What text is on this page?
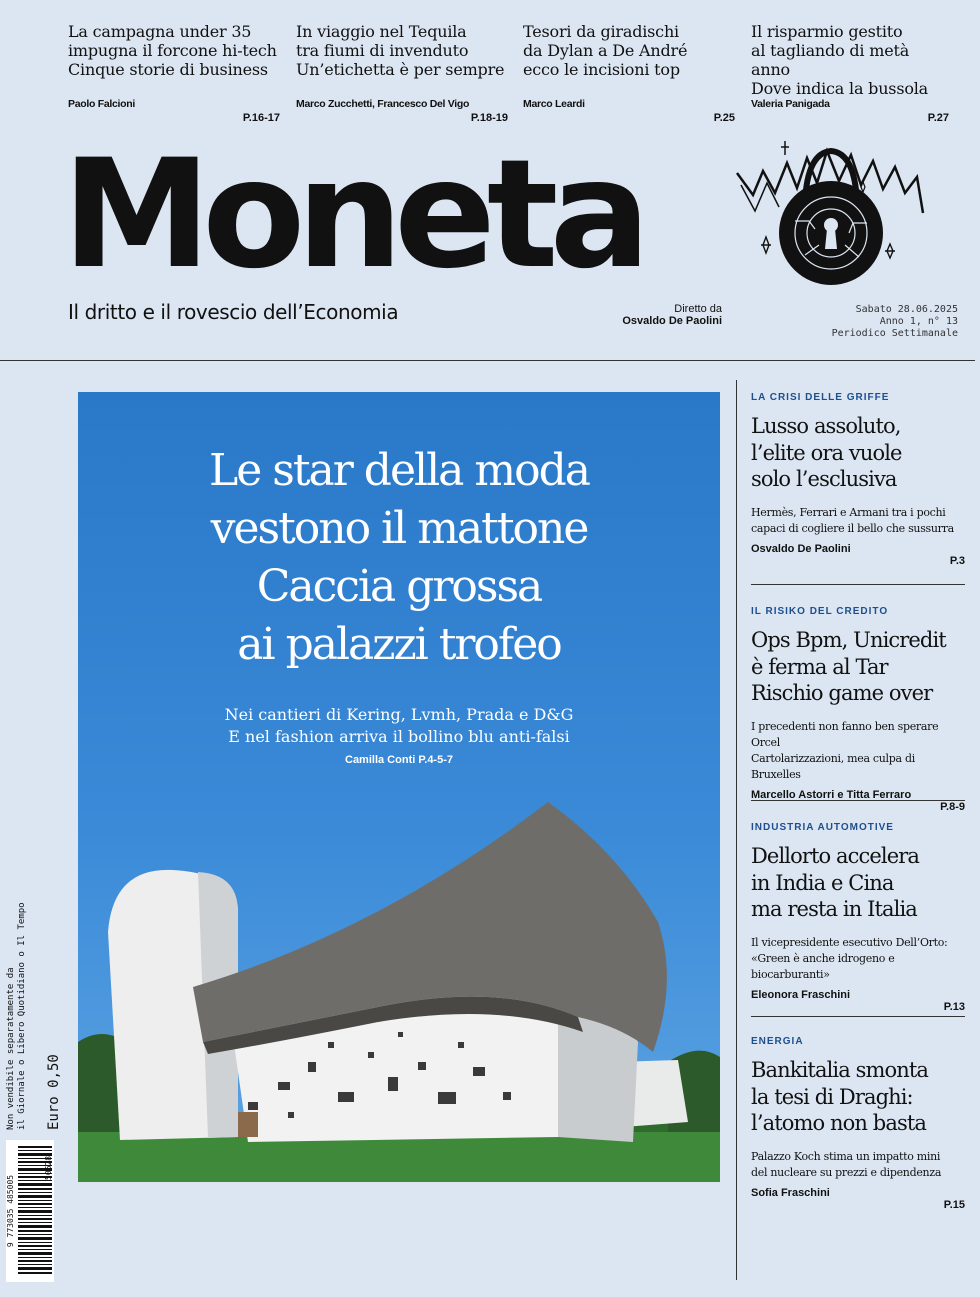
La campagna under 35
impugna il forcone hi-tech
Cinque storie di business
Paolo Falcioni
P.16-17
In viaggio nel Tequila
tra fiumi di invenduto
Un’etichetta è per sempre
Marco Zucchetti, Francesco Del Vigo
P.18-19
Tesori da giradischi
da Dylan a De André
ecco le incisioni top
Marco Leardi
P.25
Il risparmio gestito
al tagliando di metà anno
Dove indica la bussola
Valeria Panigada
P.27
Moneta
Il dritto e il rovescio dell’Economia	Diretto da
Osvaldo De Paolini
Sabato 28.06.2025
Anno 1, n° 13
Periodico Settimanale
Le star della moda
vestono il mattone
Caccia grossa
ai palazzi trofeo
Nei cantieri di Kering, Lvmh, Prada e D&G
E nel fashion arriva il bollino blu anti-falsi
Camilla Conti P.4-5-7
LA CRISI DELLE GRIFFE
Lusso assoluto,
l’elite ora vuole
solo l’esclusiva

Hermès, Ferrari e Armani tra i pochi
capaci di cogliere il bello che sussurra

Osvaldo De Paolini
P.3
IL RISIKO DEL CREDITO
Ops Bpm, Unicredit
è ferma al Tar
Rischio game over

I precedenti non fanno ben sperare Orcel
Cartolarizzazioni, mea culpa di Bruxelles

Marcello Astorri e Titta Ferraro
P.8-9
INDUSTRIA AUTOMOTIVE
Dellorto accelera
in India e Cina
ma resta in Italia

Il vicepresidente esecutivo Dell’Orto:
«Green è anche idrogeno e biocarburanti»

Eleonora Fraschini
P.13
ENERGIA
Bankitalia smonta
la tesi di Draghi:
l’atomo non basta

Palazzo Koch stima un impatto mini
del nucleare su prezzi e dipendenza

Sofia Fraschini
P.15
Non vendibile separatamente da il Giornale o Libero Quotidiano o Il Tempo Euro 0,50
9 773035 485005
50628
